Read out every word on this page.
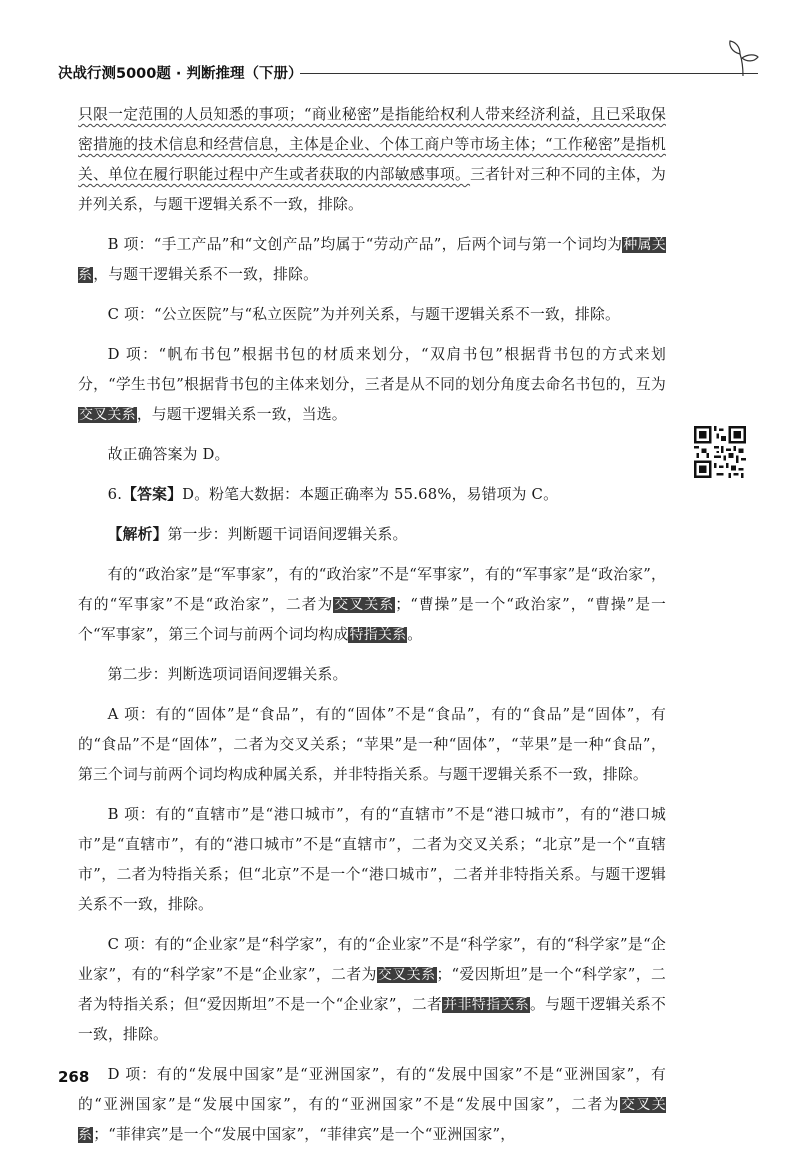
决战行测5000题 · 判断推理（下册）

只限一定范围的人员知悉的事项；“商业秘密”是指能给权利人带来经济利益，且已采取保密措施的技术信息和经营信息，主体是企业、个体工商户等市场主体；“工作秘密”是指机关、单位在履行职能过程中产生或者获取的内部敏感事项。三者针对三种不同的主体，为并列关系，与题干逻辑关系不一致，排除。

B 项：“手工产品”和“文创产品”均属于“劳动产品”，后两个词与第一个词均为种属关系，与题干逻辑关系不一致，排除。

C 项：“公立医院”与“私立医院”为并列关系，与题干逻辑关系不一致，排除。

D 项：“帆布书包”根据书包的材质来划分，“双肩书包”根据背书包的方式来划分，“学生书包”根据背书包的主体来划分，三者是从不同的划分角度去命名书包的，互为交叉关系，与题干逻辑关系一致，当选。

故正确答案为 D。

6.【答案】D。粉笔大数据：本题正确率为 55.68%，易错项为 C。

【解析】第一步：判断题干词语间逻辑关系。

有的“政治家”是“军事家”，有的“政治家”不是“军事家”，有的“军事家”是“政治家”，有的“军事家”不是“政治家”，二者为交叉关系；“曹操”是一个“政治家”，“曹操”是一个“军事家”，第三个词与前两个词均构成特指关系。

第二步：判断选项词语间逻辑关系。

A 项：有的“固体”是“食品”，有的“固体”不是“食品”，有的“食品”是“固体”，有的“食品”不是“固体”，二者为交叉关系；“苹果”是一种“固体”，“苹果”是一种“食品”，第三个词与前两个词均构成种属关系，并非特指关系。与题干逻辑关系不一致，排除。

B 项：有的“直辖市”是“港口城市”，有的“直辖市”不是“港口城市”，有的“港口城市”是“直辖市”，有的“港口城市”不是“直辖市”，二者为交叉关系；“北京”是一个“直辖市”，二者为特指关系；但“北京”不是一个“港口城市”，二者并非特指关系。与题干逻辑关系不一致，排除。

C 项：有的“企业家”是“科学家”，有的“企业家”不是“科学家”，有的“科学家”是“企业家”，有的“科学家”不是“企业家”，二者为交叉关系；“爱因斯坦”是一个“科学家”，二者为特指关系；但“爱因斯坦”不是一个“企业家”，二者并非特指关系。与题干逻辑关系不一致，排除。

D 项：有的“发展中国家”是“亚洲国家”，有的“发展中国家”不是“亚洲国家”，有的“亚洲国家”是“发展中国家”，有的“亚洲国家”不是“发展中国家”，二者为交叉关系；“菲律宾”是一个“发展中国家”，“菲律宾”是一个“亚洲国家”，

268
